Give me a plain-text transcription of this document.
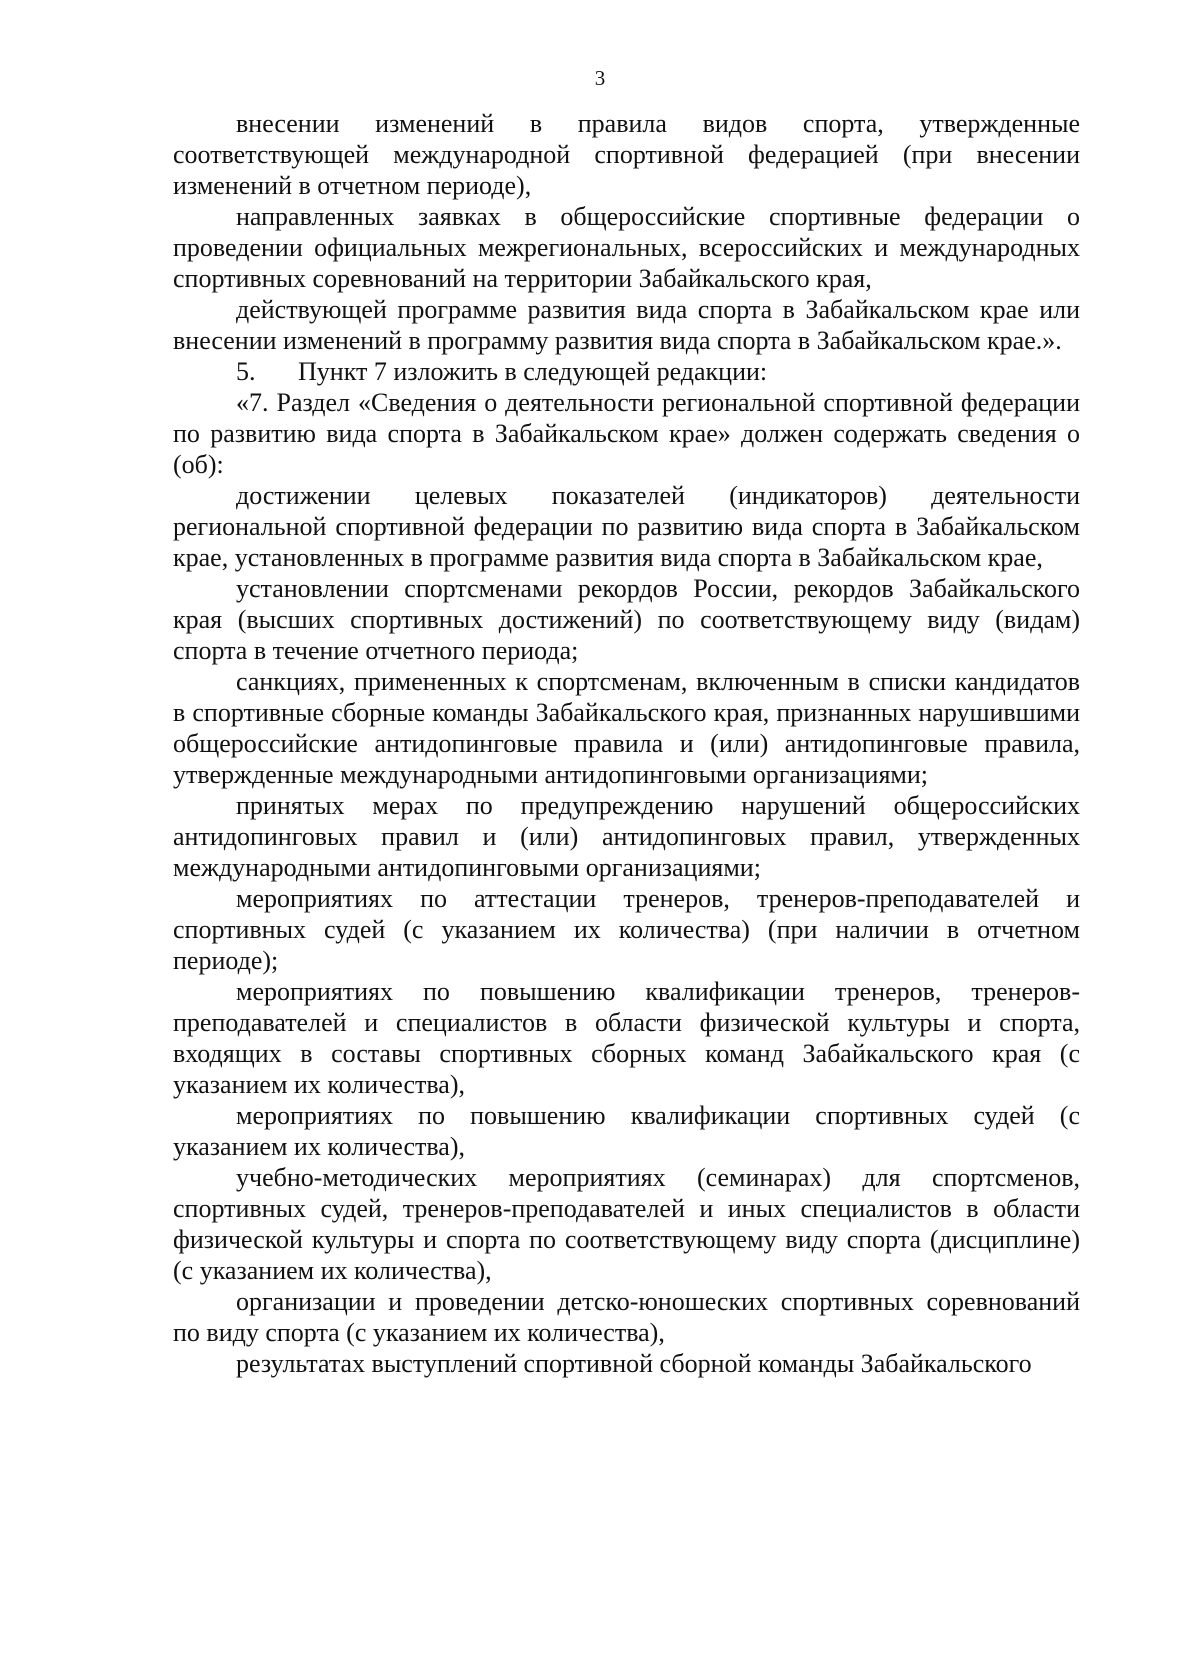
3

внесении изменений в правила видов спорта, утвержденные соответствующей международной спортивной федерацией (при внесении изменений в отчетном периоде),

направленных заявках в общероссийские спортивные федерации о проведении официальных межрегиональных, всероссийских и международных спортивных соревнований на территории Забайкальского края,

действующей программе развития вида спорта в Забайкальском крае или внесении изменений в программу развития вида спорта в Забайкальском крае.».

5. Пункт 7 изложить в следующей редакции:

«7. Раздел «Сведения о деятельности региональной спортивной федерации по развитию вида спорта в Забайкальском крае» должен содержать сведения о (об):

достижении целевых показателей (индикаторов) деятельности региональной спортивной федерации по развитию вида спорта в Забайкальском крае, установленных в программе развития вида спорта в Забайкальском крае,

установлении спортсменами рекордов России, рекордов Забайкальского края (высших спортивных достижений) по соответствующему виду (видам) спорта в течение отчетного периода;

санкциях, примененных к спортсменам, включенным в списки кандидатов в спортивные сборные команды Забайкальского края, признанных нарушившими общероссийские антидопинговые правила и (или) антидопинговые правила, утвержденные международными антидопинговыми организациями;

принятых мерах по предупреждению нарушений общероссийских антидопинговых правил и (или) антидопинговых правил, утвержденных международными антидопинговыми организациями;

мероприятиях по аттестации тренеров, тренеров-преподавателей и спортивных судей (с указанием их количества) (при наличии в отчетном периоде);

мероприятиях по повышению квалификации тренеров, тренеров-преподавателей и специалистов в области физической культуры и спорта, входящих в составы спортивных сборных команд Забайкальского края (с указанием их количества),

мероприятиях по повышению квалификации спортивных судей (с указанием их количества),

учебно-методических мероприятиях (семинарах) для спортсменов, спортивных судей, тренеров-преподавателей и иных специалистов в области физической культуры и спорта по соответствующему виду спорта (дисциплине) (с указанием их количества),

организации и проведении детско-юношеских спортивных соревнований по виду спорта (с указанием их количества),

результатах выступлений спортивной сборной команды Забайкальского
